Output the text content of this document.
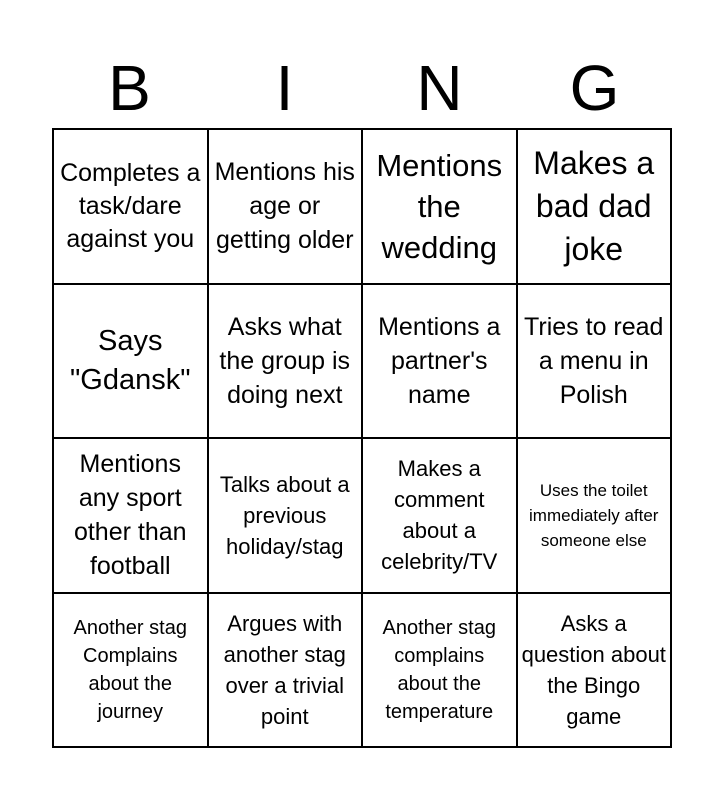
B	I	N	G
Completes a task/dare against you
Mentions his age or getting older
Mentions the wedding
Makes a bad dad joke
Says "Gdansk"
Asks what the group is doing next
Mentions a partner's name
Tries to read a menu in Polish
Mentions any sport other than football
Talks about a previous holiday/stag
Makes a comment about a celebrity/TV
Uses the toilet immediately after someone else
Another stag Complains about the journey
Argues with another stag over a trivial point
Another stag complains about the temperature
Asks a question about the Bingo game
